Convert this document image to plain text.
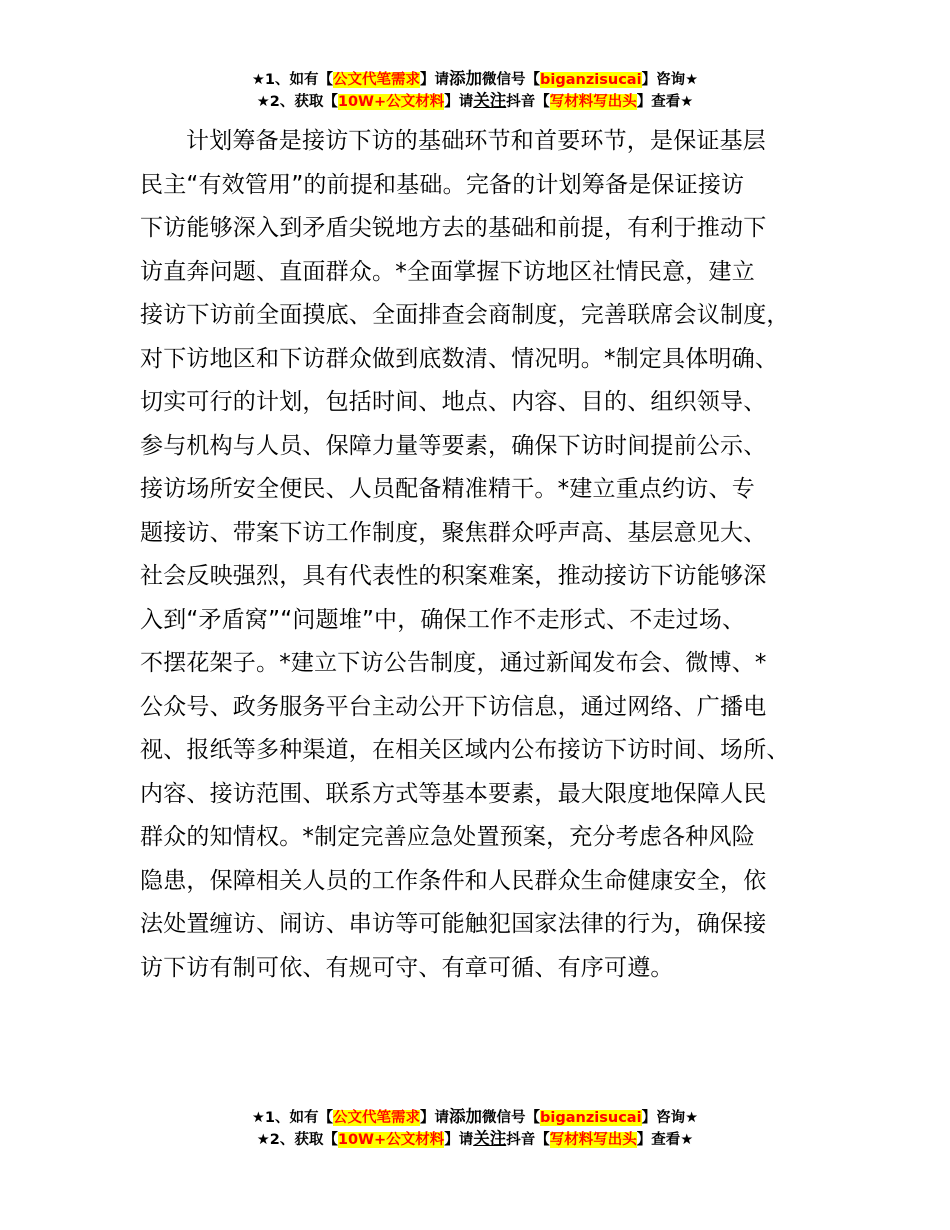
★1、如有【公文代笔需求】请添加微信号【biganzisucai】咨询★
★2、获取【10W+公文材料】请关注抖音【写材料写出头】查看★

计划筹备是接访下访的基础环节和首要环节，是保证基层
民主“有效管用”的前提和基础。完备的计划筹备是保证接访
下访能够深入到矛盾尖锐地方去的基础和前提，有利于推动下
访直奔问题、直面群众。*全面掌握下访地区社情民意，建立
接访下访前全面摸底、全面排查会商制度，完善联席会议制度，
对下访地区和下访群众做到底数清、情况明。*制定具体明确、
切实可行的计划，包括时间、地点、内容、目的、组织领导、
参与机构与人员、保障力量等要素，确保下访时间提前公示、
接访场所安全便民、人员配备精准精干。*建立重点约访、专
题接访、带案下访工作制度，聚焦群众呼声高、基层意见大、
社会反映强烈，具有代表性的积案难案，推动接访下访能够深
入到“矛盾窝”“问题堆”中，确保工作不走形式、不走过场、
不摆花架子。*建立下访公告制度，通过新闻发布会、微博、*
公众号、政务服务平台主动公开下访信息，通过网络、广播电
视、报纸等多种渠道，在相关区域内公布接访下访时间、场所、
内容、接访范围、联系方式等基本要素，最大限度地保障人民
群众的知情权。*制定完善应急处置预案，充分考虑各种风险
隐患，保障相关人员的工作条件和人民群众生命健康安全，依
法处置缠访、闹访、串访等可能触犯国家法律的行为，确保接
访下访有制可依、有规可守、有章可循、有序可遵。

★1、如有【公文代笔需求】请添加微信号【biganzisucai】咨询★
★2、获取【10W+公文材料】请关注抖音【写材料写出头】查看★
